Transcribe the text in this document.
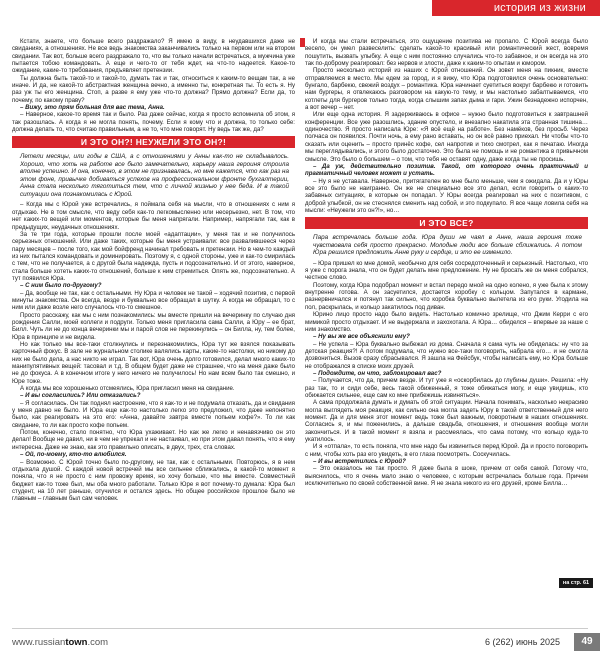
история из жизни

Кстати, знаете, что больше всего раздражало? Я имею в виду, в неудавшихся даже не свиданиях, а отношениях. Не все ведь знакомства заканчивались только на первом или на втором свидании. Так вот, больше всего раздражало то, что вы только начали встречаться, а мужчина уже пытается тобою командовать. А еще и чего-то от тебя ждет, на что-то надеется. Какое-то ожидание, какие-то требования, предъявляет претензии.

Ты должна быть такой-то и такой-то, думать так и так, относиться к каким-то вещам так, а не иначе. И да, не какой-то абстрактная женщина вечно, а именно ты, конкретная ты. То есть я. Ну раз уж ты его женщина. Стоп, а разве я ему уже что-то должна? Прямо должна? Если да, то почему, по какому праву?

– Вижу, это прям больная для вас тема, Анна.

– Наверное, какое-то время так и было. Раз даже сейчас, когда я просто вспомнила об этом, я так разошлась. А когда я не могла понять, почему. Если я кому что и должна, то только себе: должна делать то, что считаю правильным, а не то, что мне говорят. Ну ведь так же, да?

И ЭТО ОН?! НЕУЖЕЛИ ЭТО ОН?!
Летели месяцы, или годы в США, а с отношениями у Анны как-то не складывалось. Хорошо, что хоть на работе все было замечательно, карьеру наша героиня строила вполне успешно. И она, конечно, в этом не признавалась, но мне кажется, что как раз на этом фоне, привычке добиваться успехов на профессиональном фронте бухгалтерии, Анна стала несколько тяготиться тем, что с личной жизнью у нее беда. И в такой ситуации она познакомилась с Юрой.

– Когда мы с Юрой уже встречались, я поймала себя на мысли, что в отношениях с ним я отдыхаю. Не в том смысле, что веду себя как-то легкомысленно или несерьезно, нет. В том, что нет каких-то вещей или моментов, которые бы меня напрягали. Например, напрягали так, как в предыдущих, неудачных отношениях.

За те три года, которые прошли после моей «адаптации», у меня так и не получилось серьезных отношений. Или даже таких, которые бы меня устраивали: все развалившееся через пару месяцев – после того, как мой бойфренд начинал требовать и претензии. Но в чем-то каждый из них пытался командовать и доминировать. Поэтому я, с одной стороны, уже и как-то смирилась с тем, что не получается, а с другой была надежда, пусть и подсознательно. И от этого, наверное, стала больше хотеть каких-то отношений, больше к ним стремиться. Опять же, подсознательно. А тут появился Юра.

– С ним было по-другому?

– Да, вообще не так, как с остальными. Ну Юра и человек не такой – ходячий позитив, с первой минуты знакомства. Он всегда, везде и буквально все обращал в шутку. А когда не обращал, то с ним или даже возле него случалось что-то смешное.

Просто расскажу, как мы с ним познакомились: мы вместе пришли на вечеринку по случаю дня рождения Салли, моей коллеги и подруги. Только меня пригласила сама Салли, а Юру – ее брат, Билл. Чуть ли не до конца вечеринки мы и парой слов не перекинулись – он Билла, ну, тем более, Юра в принципе и не видела.

Но как только мы все-таки столкнулись и перезнакомились, Юра тут же взялся показывать карточный фокус. В зале не журнальном столике валялись карты, какие-то настолки, но никому до них не было дела, а нас никто не играл. Так вот, Юра очень долго готовился, делал много каких-то манипулятивных вещей: тасовал и т.д. В общем будет даже не страшнее, что на меня даже было не до фокуса. А в конечном итоге у него ничего не получилось! Но нам всем было так смешно, и Юре тоже.

А когда мы все хорошенько отсмеялись, Юра пригласил меня на свидание.

– И вы согласились? Или отказались?

– Я согласилась. Он так поднял настроение, что я как-то и не подумала отказать, да и свидания у меня давно не было. И Юра еще как-то настолько легко это предложил, что даже непонятно было, как реагировать на это его: «Анна, давайте завтра вместе попьем кофе?». То ли как свидание, то ли как просто кофе попьем.

Потом, конечно, стало понятно, что Юра ухаживает. Но как же легко и ненавязчиво он это делал! Вообще не давил, ни в чем не упрекал и не настаивал, но при этом давал понять, что я ему интересна. Даже не знаю, как это правильно описать, в двух, трех, ста словах.

– Ой, по-моему, кто-то влюбился.

– Возможно. С Юрой точно было по-другому, не так, как с остальными. Повторюсь, я в нем отдыхала душой. С каждой новой встречей мы все сильнее сближались, в какой-то момент я поняла, что я не просто с ним провожу время, но хочу больше, что мы вместе. Совместный бюджет как-то тоже был, мы оба много работали. Только Юре я вот почему-то думала: Юра был студент, на 10 лет раньше, отучился и остался здесь. Но общее российское прошлое было не главным – главным был сам человек.

И когда мы стали встречаться, это ощущение позитива не пропало. С Юрой всегда было весело, он умел развеселить: сделать какой-то красивый или романтический жест, вовремя пошутить, вызвать улыбку. А еще с ним постоянно случались что-то забавное, и он всегда на это так по-доброму реагировал: без нервов и злости, даже к каким-то опытам и юмором.

Просто несколько историй из наших с Юрой отношений. Он зовет меня на пикник, вместе отправляемся в место. Мы едем за город, и я вижу, что Юра подготовился очень основательно: бунгало, барбекю, свежий воздух – романтика. Юра начинает суетиться вокруг барбекю и готовить нам бургеры, я отвлекаюсь разговором на какую-то тему, и мы настолько забалтываемся, что котлеты для бургеров только тогда, когда слышим запах дыма и гари. Ужин безнадежно испорчен, а вот вечер – нет.

Или еще одна история. Я задерживаюсь в офисе – нужно было подготовиться к завтрашней конференции. Все уже разошлись, здание опустело, и внезапно накатила эта странная тишина… одиночество. Я просто написала Юре: «Я всё ещё на работе». Без намёков, без просьб. Через полчаса он появился. Почти ночь, а ему рано вставать, но он всё равно приехал. Ни чтобы что-то сказать или оценить – просто принёс кофе, сел напротив и тихо смотрел, как я печатаю. Иногда мы переглядывались, и этого было достаточно. Это была не помощь и не романтика в привычном смысле. Это было о большем – о том, что тебя не оставят одну, даже когда ты не просишь.

– Да уж, действительно позитив. Такой, от которого очень практичный и прагматичный человек может и устать.

– Ну я не уставала. Наверное, притягателен во мне было меньше, чем я ожидала. Да и у Юры все это было не наигранно. Он же не специально все это делал, если говорить о каких-то забавных ситуациях, в которые он попадал. У Юры всегда реагировал на них с позитивом, с доброй улыбкой, он не стеснялся сменить над собой, и это подкупало. Я все чаще ловила себя на мысли: «Неужели это он?!», но…

И ЭТО ВСЕ?
Пара встречалась больше года. Юра души не чаял в Анне, наша героиня тоже чувствовала себя просто прекрасно. Молодые люди все больше сближались. А потом Юра решился предложить Анне руку и сердце, и это ее изменило.

– Юра пришел ко мне домой, необычно для себя сосредоточенный и серьезный. Настолько, что я уже с порога знала, что он будет делать мне предложение. Ну не бросать же он меня собрался, честное слово.

Поэтому, когда Юра подобрал момент и встал передо мной на одно колено, я уже была к этому внутренне готова. А он засуетился, достается коробку с кольцом. Запутался в кармане, разнервничался и потянул так сильно, что коробка буквально вылетела из его руки. Угодила на пол, раскрылась, и кольцо закатилось под диван.

Юрино лицо просто надо было видеть. Настолько комично зрелище, что Джим Керри с его мимикой просто отдыхает. И не выдержала и захохотала. А Юра… обиделся – впервые за наше с ним знакомство.

– Ну вы же все объяснили ему?

– Не успела – Юра буквально выбежал из дома. Сначала я сама чуть не обиделась: ну что за детская реакция?! А потом подумала, что нужно все-таки поговорить, набрала его… и не смогла дозвониться. Вызов сразу сбрасывался. Я зашла на Фейсбук, чтобы написать ему, но Юра больше не отображался в списке моих друзей.

– Подождите, он что, заблокировал вас?

– Получается, что да, причем везде. И тут уже я «оскорбилась до глубины души». Решила: «Ну раз так, то и сиди себе, весь такой обиженный, я тоже обижаться могу, и еще увидишь, кто обижается сильнее, еще сам ко мне прибежишь извиняться».

А сама продолжала думать и думать об этой ситуации. Начала понимать, насколько некрасиво могла выглядеть моя реакция, как сильно она могла задеть Юру в такой ответственный для него момент. Да и для меня этот момент ведь тоже был важным, поворотным в наших отношениях. Согласись я, и мы поженились, а дальше свадьба, отношения, и отношения вообще могли закончиться. И в такой момент я взяла и рассмеялась, что сама потому, что кольцо куда-то укатилось.

И я «отпала», то есть поняла, что мне надо бы извиниться перед Юрой. Да и просто поговорить с ним, чтобы хоть раз его увидеть, в его глаза посмотреть. Соскучилась.

– И вы встретились с Юрой?

– Это оказалось не так просто. Я даже была в шоке, причем от себя самой. Потому что, выяснилось, что я очень мало знаю о человеке, с которым встречалась больше года. Причем исключительно по своей собственной вине. Я не знала никого из его друзей, кроме Билла…

на стр. 61
www.russiantown.com	6 (262) июнь 2025	49
